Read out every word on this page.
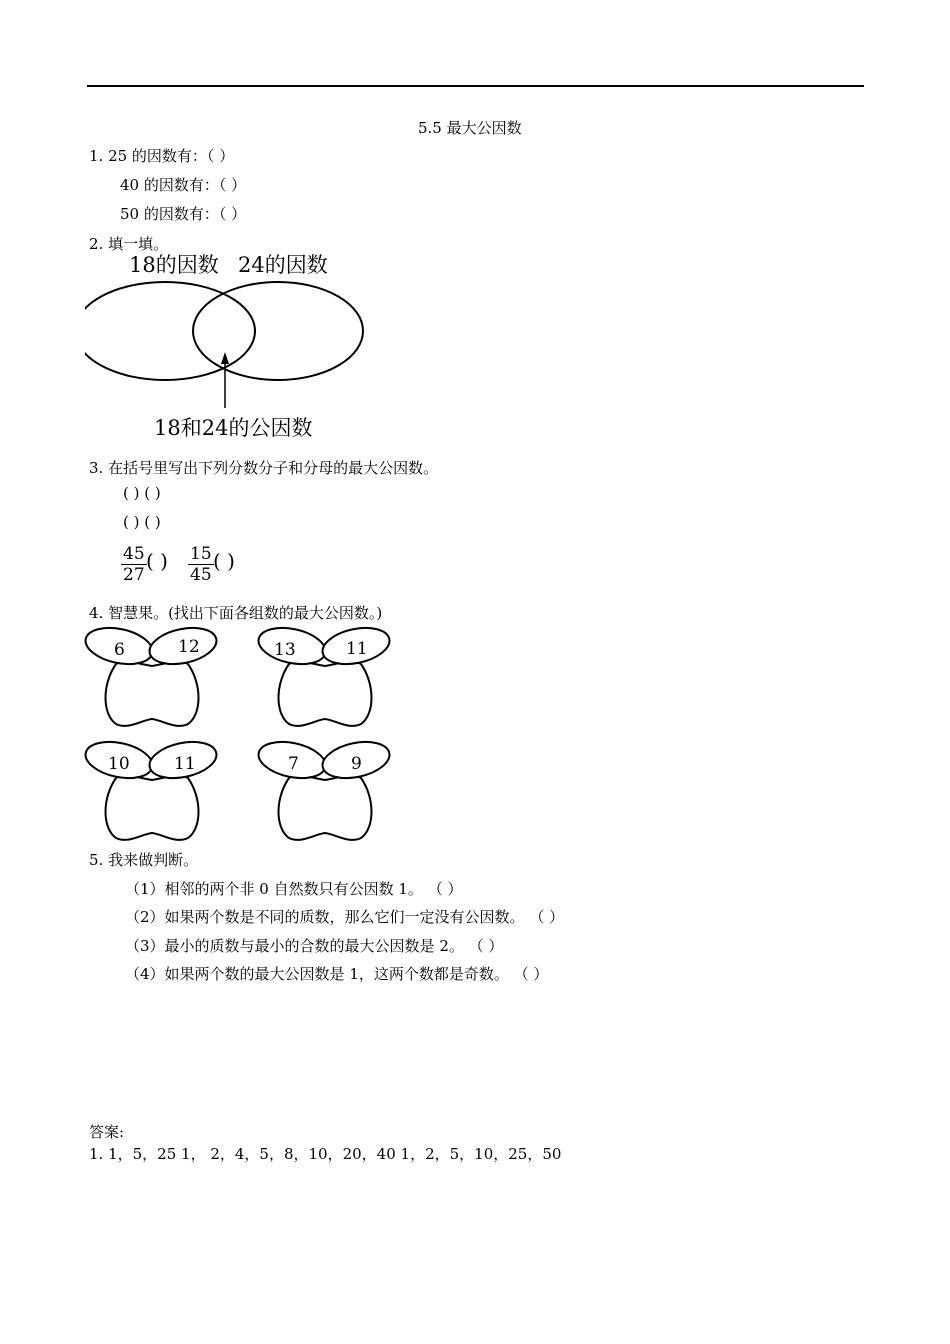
5.5 最大公因数
1. 25 的因数有：（ ）
40 的因数有：（ ）
50 的因数有：（ ）
2. 填一填。
18的因数 24的因数
18和24的公因数
3. 在括号里写出下列分数分子和分母的最大公因数。
( ) ( )
( ) ( )
$\frac{45}{27}$ ( ) $\frac{15}{45}$ ( )
4. 智慧果。(找出下面各组数的最大公因数。)
6	12	13	11
10	11	7	9
5. 我来做判断。
（1）相邻的两个非 0 自然数只有公因数 1。 （ ）
（2）如果两个数是不同的质数，那么它们一定没有公因数。 （ ）
（3）最小的质数与最小的合数的最大公因数是 2。 （ ）
（4）如果两个数的最大公因数是 1，这两个数都是奇数。 （ ）
答案:
1. 1，5，25 1， 2，4，5，8，10，20，40 1，2，5，10，25，50
